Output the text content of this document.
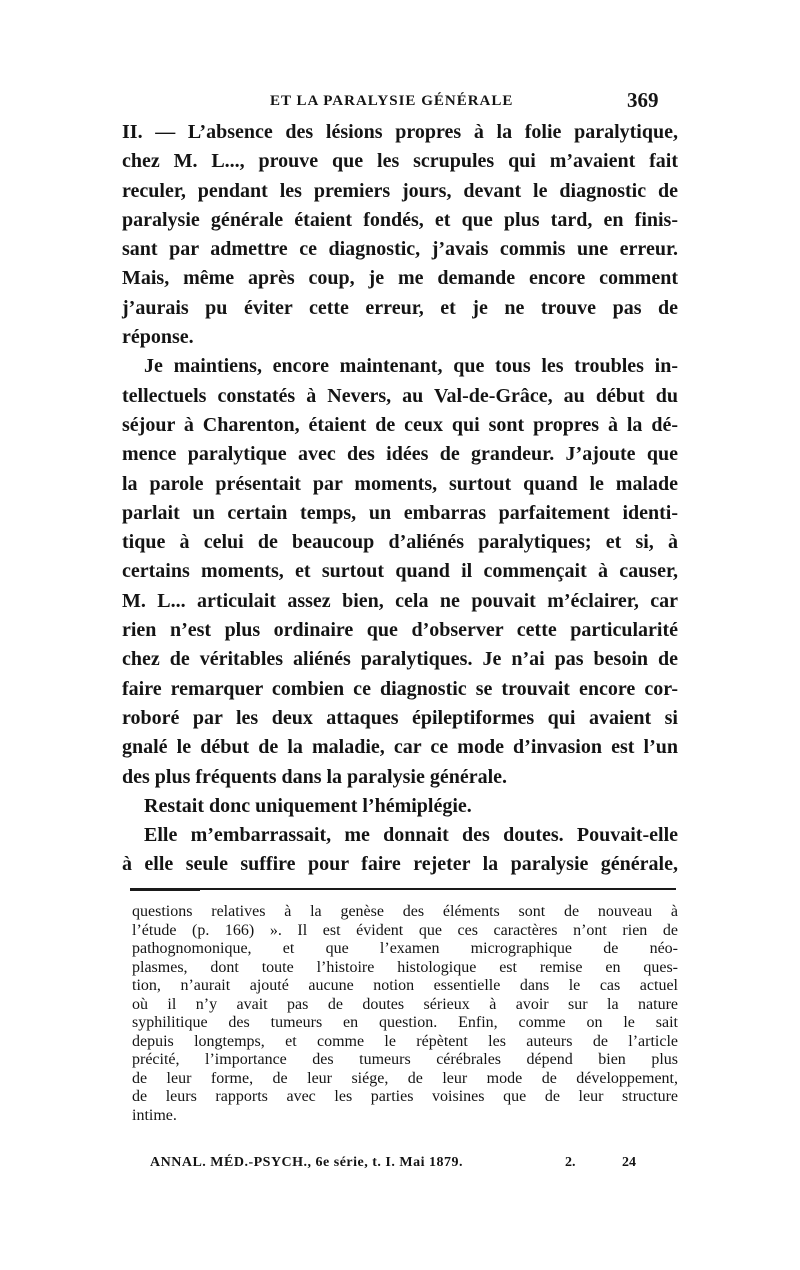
ET LA PARALYSIE GÉNÉRALE	369
II. — L’absence des lésions propres à la folie paralytique,
chez M. L..., prouve que les scrupules qui m’avaient fait
reculer, pendant les premiers jours, devant le diagnostic de
paralysie générale étaient fondés, et que plus tard, en finis-
sant par admettre ce diagnostic, j’avais commis une erreur.
Mais, même après coup, je me demande encore comment
j’aurais pu éviter cette erreur, et je ne trouve pas de
réponse.
Je maintiens, encore maintenant, que tous les troubles in-
tellectuels constatés à Nevers, au Val-de-Grâce, au début du
séjour à Charenton, étaient de ceux qui sont propres à la dé-
mence paralytique avec des idées de grandeur. J’ajoute que
la parole présentait par moments, surtout quand le malade
parlait un certain temps, un embarras parfaitement identi-
tique à celui de beaucoup d’aliénés paralytiques; et si, à
certains moments, et surtout quand il commençait à causer,
M. L... articulait assez bien, cela ne pouvait m’éclairer, car
rien n’est plus ordinaire que d’observer cette particularité
chez de véritables aliénés paralytiques. Je n’ai pas besoin de
faire remarquer combien ce diagnostic se trouvait encore cor-
roboré par les deux attaques épileptiformes qui avaient si
gnalé le début de la maladie, car ce mode d’invasion est l’un
des plus fréquents dans la paralysie générale.
Restait donc uniquement l’hémiplégie.
Elle m’embarrassait, me donnait des doutes. Pouvait-elle
à elle seule suffire pour faire rejeter la paralysie générale,
questions relatives à la genèse des éléments sont de nouveau à
l’étude (p. 166) ». Il est évident que ces caractères n’ont rien de
pathognomonique, et que l’examen micrographique de néo-
plasmes, dont toute l’histoire histologique est remise en ques-
tion, n’aurait ajouté aucune notion essentielle dans le cas actuel
où il n’y avait pas de doutes sérieux à avoir sur la nature
syphilitique des tumeurs en question. Enfin, comme on le sait
depuis longtemps, et comme le répètent les auteurs de l’article
précité, l’importance des tumeurs cérébrales dépend bien plus
de leur forme, de leur siége, de leur mode de développement,
de leurs rapports avec les parties voisines que de leur structure
intime.
ANNAL. MÉD.-PSYCH., 6e série, t. I. Mai 1879.	2.	24
